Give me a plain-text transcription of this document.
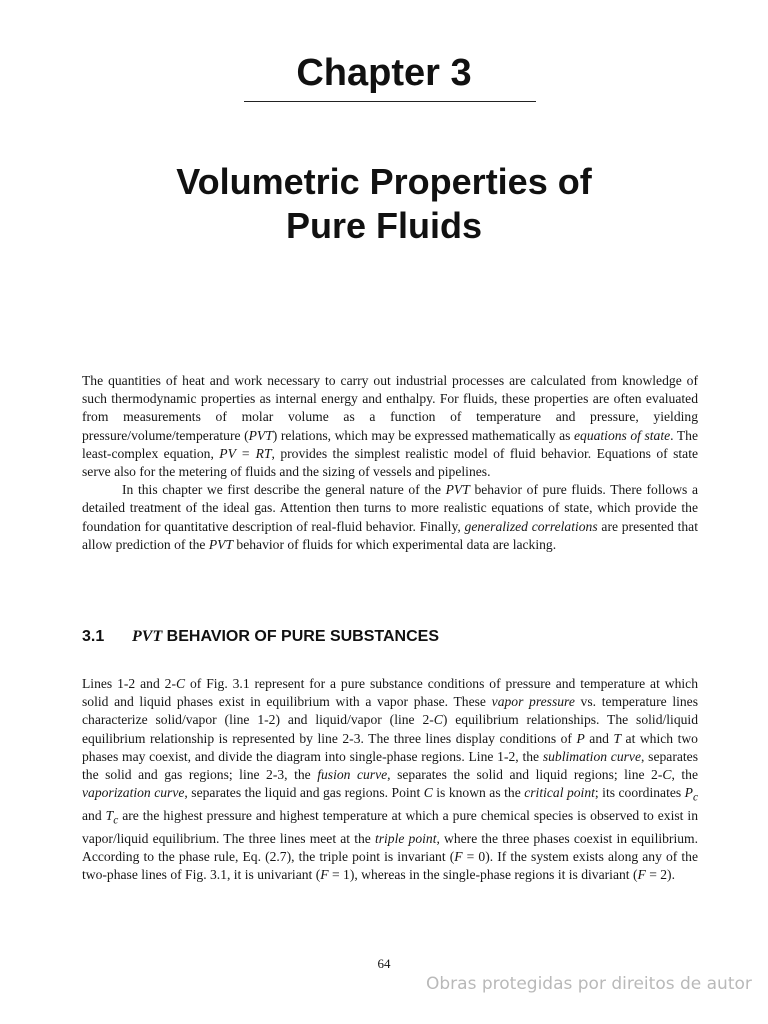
Chapter 3
Volumetric Properties of
Pure Fluids

The quantities of heat and work necessary to carry out industrial processes are calculated from knowledge of such thermodynamic properties as internal energy and enthalpy. For fluids, these properties are often evaluated from measurements of molar volume as a function of temperature and pressure, yielding pressure/volume/temperature (PVT) relations, which may be expressed mathematically as equations of state. The least-complex equation, PV = RT, provides the simplest realistic model of fluid behavior. Equations of state serve also for the metering of fluids and the sizing of vessels and pipelines.

In this chapter we first describe the general nature of the PVT behavior of pure fluids. There follows a detailed treatment of the ideal gas. Attention then turns to more realistic equations of state, which provide the foundation for quantitative description of real-fluid behavior. Finally, generalized correlations are presented that allow prediction of the PVT behavior of fluids for which experimental data are lacking.

3.1 PVT BEHAVIOR OF PURE SUBSTANCES

Lines 1-2 and 2-C of Fig. 3.1 represent for a pure substance conditions of pressure and temperature at which solid and liquid phases exist in equilibrium with a vapor phase. These vapor pressure vs. temperature lines characterize solid/vapor (line 1-2) and liquid/vapor (line 2-C) equilibrium relationships. The solid/liquid equilibrium relationship is represented by line 2-3. The three lines display conditions of P and T at which two phases may coexist, and divide the diagram into single-phase regions. Line 1-2, the sublimation curve, separates the solid and gas regions; line 2-3, the fusion curve, separates the solid and liquid regions; line 2-C, the vaporization curve, separates the liquid and gas regions. Point C is known as the critical point; its coordinates $P_c$ and $T_c$ are the highest pressure and highest temperature at which a pure chemical species is observed to exist in vapor/liquid equilibrium. The three lines meet at the triple point, where the three phases coexist in equilibrium. According to the phase rule, Eq. (2.7), the triple point is invariant (F = 0). If the system exists along any of the two-phase lines of Fig. 3.1, it is univariant (F = 1), whereas in the single-phase regions it is divariant (F = 2).

64
Obras protegidas por direitos de autor
